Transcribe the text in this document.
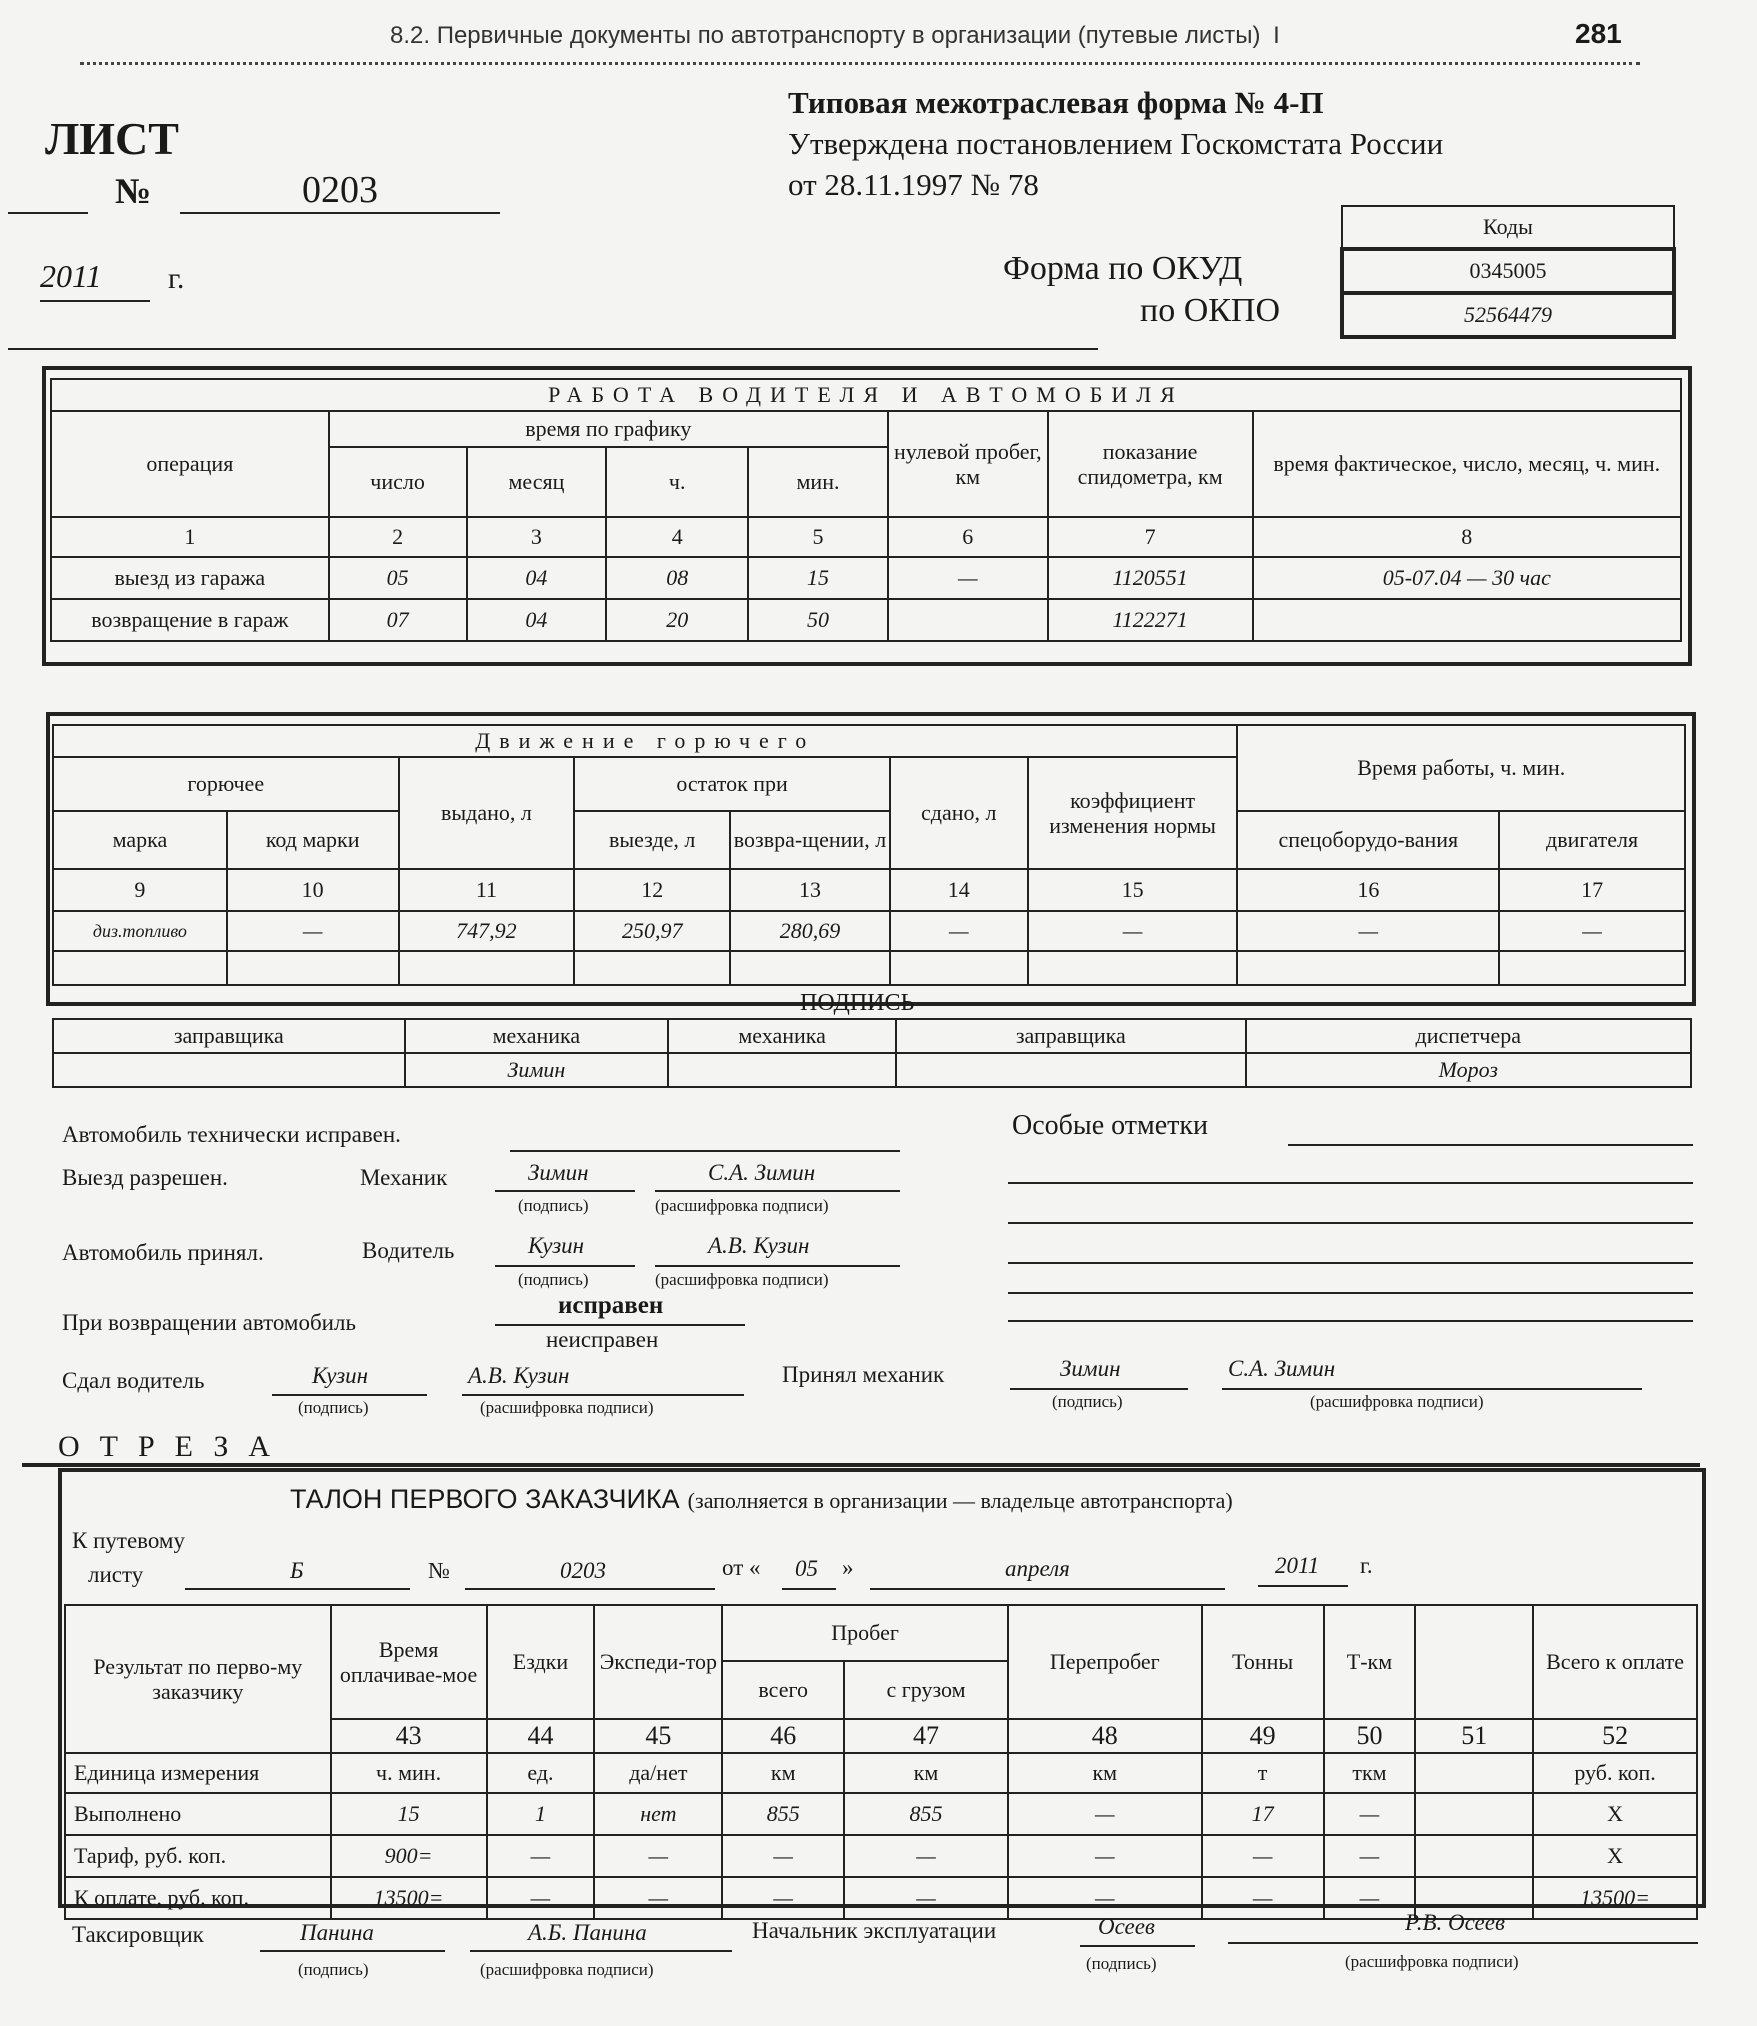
8.2. Первичные документы по автотранспорту в организации (путевые листы) I	281
Типовая межотраслевая форма № 4-П
Утверждена постановлением Госкомстата России
от 28.11.1997 № 78
ЛИСТ
№	0203
2011	г.	Форма по ОКУД
по ОКПО
Коды
0345005
52564479
РАБОТА ВОДИТЕЛЯ И АВТОМОБИЛЯ							
операция	время по графику				нулевой пробег, км	показание спидометра, км	время фактическое, число, месяц, ч. мин.
	число	месяц	ч.	мин.			
1	2	3	4	5	6	7	8
выезд из гаража	05	04	08	15	—	1120551	05-07.04 — 30 час
возвращение в гараж	07	04	20	50		1122271	
Движение горючего							Время работы, ч. мин.	
горючее		выдано, л	остаток при		сдано, л	коэффициент изменения нормы		
марка	код марки		выезде, л	возвра-щении, л			спецоборудо-вания	двигателя
9	10	11	12	13	14	15	16	17
диз.топливо	—	747,92	250,97	280,69	—	—	—	—

ПОДПИСЬ
заправщика	механика	механика	заправщика	диспетчера
	Зимин			Мороз
Автомобиль технически исправен.
Выезд разрешен.	Механик	Зимин	С.А. Зимин
(подпись)	(расшифровка подписи)
Автомобиль принял.	Водитель	Кузин	А.В. Кузин
(подпись)	(расшифровка подписи)
При возвращении автомобиль
исправен
неисправен
Сдал водитель	Кузин	А.В. Кузин
(подпись)	(расшифровка подписи)
Принял механик	Зимин	С.А. Зимин
(подпись)	(расшифровка подписи)
Особые отметки
ОТРЕЗА
ТАЛОН ПЕРВОГО ЗАКАЗЧИКА (заполняется в организации — владельце автотранспорта)
К путевому
листу	Б	№	0203	от « 05 »	апреля	2011 г.
Результат по перво-му заказчику	Время оплачивае-мое	Ездки	Экспеди-тор	Пробег		Перепробег	Тонны	Т-км		Всего к оплате
				всего	с грузом					
	43	44	45	46	47	48	49	50	51	52
Единица измерения	ч. мин.	ед.	да/нет	км	км	км	т	ткм		руб. коп.
Выполнено	15	1	нет	855	855	—	17	—		Х
Тариф, руб. коп.	900=	—	—	—	—	—	—	—		Х
К оплате, руб. коп.	13500=	—	—	—	—	—	—	—		13500=
Таксировщик	Панина	А.Б. Панина
(подпись)	(расшифровка подписи)
Начальник эксплуатации	Осеев	Р.В. Осеев
(подпись)	(расшифровка подписи)
